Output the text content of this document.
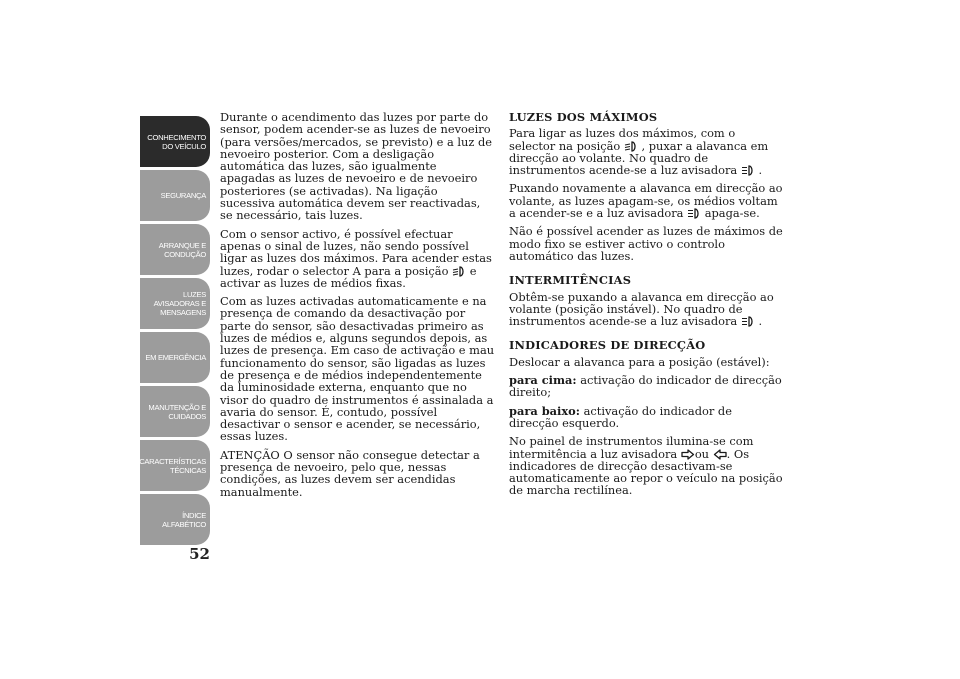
CONHECIMENTO
DO VEÍCULO
SEGURANÇA
ARRANQUE E
CONDUÇÃO
LUZES
AVISADORAS E
MENSAGENS
EM EMERGÊNCIA
MANUTENÇÃO E
CUIDADOS
CARACTERÍSTICAS
TÉCNICAS
ÍNDICE
ALFABÉTICO
52

Durante o acendimento das luzes por parte do sensor, podem acender-se as luzes de nevoeiro (para versões/mercados, se previsto) e a luz de nevoeiro posterior. Com a desligação automática das luzes, são igualmente apagadas as luzes de nevoeiro e de nevoeiro posteriores (se activadas). Na ligação sucessiva automática devem ser reactivadas, se necessário, tais luzes.

Com o sensor activo, é possível efectuar apenas o sinal de luzes, não sendo possível ligar as luzes dos máximos. Para acender estas luzes, rodar o selector A para a posição e activar as luzes de médios fixas.

Com as luzes activadas automaticamente e na presença de comando da desactivação por parte do sensor, são desactivadas primeiro as luzes de médios e, alguns segundos depois, as luzes de presença. Em caso de activação e mau funcionamento do sensor, são ligadas as luzes de presença e de médios independentemente da luminosidade externa, enquanto que no visor do quadro de instrumentos é assinalada a avaria do sensor. É, contudo, possível desactivar o sensor e acender, se necessário, essas luzes.

ATENÇÃO O sensor não consegue detectar a presença de nevoeiro, pelo que, nessas condições, as luzes devem ser acendidas manualmente.

LUZES DOS MÁXIMOS

Para ligar as luzes dos máximos, com o selector na posição , puxar a alavanca em direcção ao volante. No quadro de instrumentos acende-se a luz avisadora .

Puxando novamente a alavanca em direcção ao volante, as luzes apagam-se, os médios voltam a acender-se e a luz avisadora apaga-se.

Não é possível acender as luzes de máximos de modo fixo se estiver activo o controlo automático das luzes.

INTERMITÊNCIAS

Obtêm-se puxando a alavanca em direcção ao volante (posição instável). No quadro de instrumentos acende-se a luz avisadora .

INDICADORES DE DIRECÇÃO

Deslocar a alavanca para a posição (estável):

para cima: activação do indicador de direcção direito;

para baixo: activação do indicador de direcção esquerdo.

No painel de instrumentos ilumina-se com intermitência a luz avisadora ou . Os indicadores de direcção desactivam-se automaticamente ao repor o veículo na posição de marcha rectilínea.
